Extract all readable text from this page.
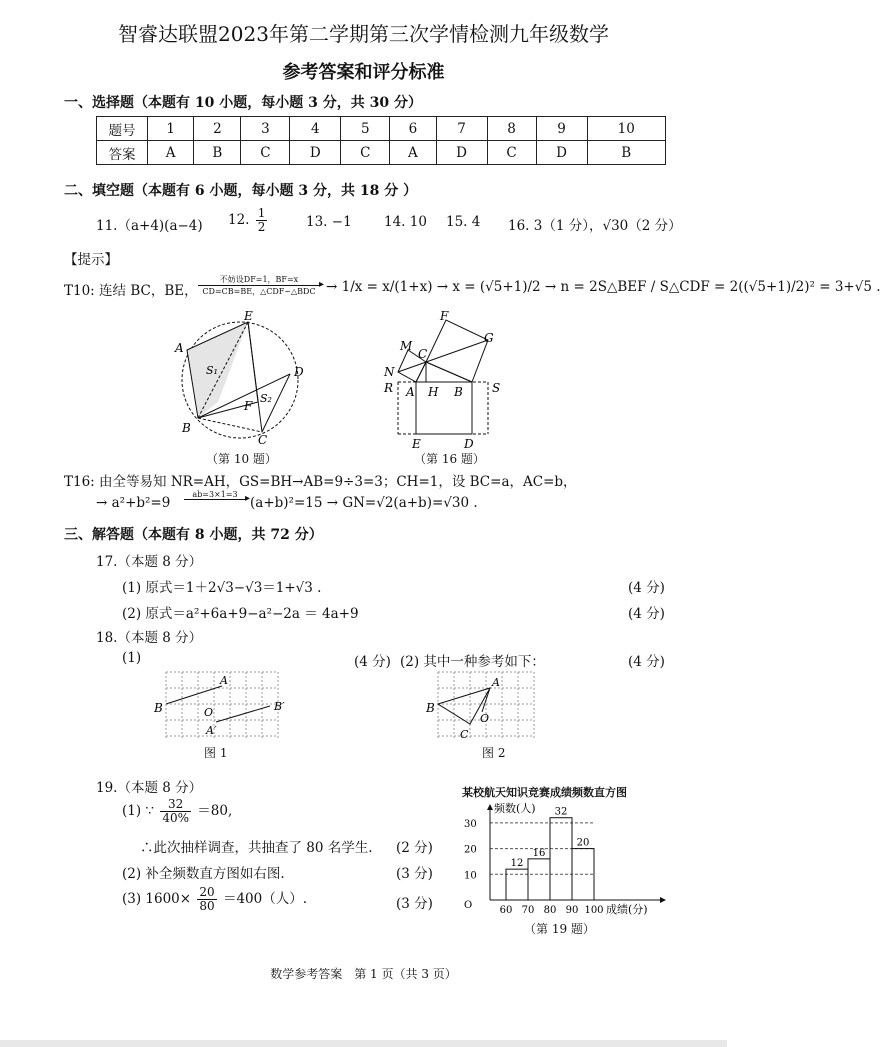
智睿达联盟2023年第二学期第三次学情检测九年级数学
参考答案和评分标准
一、选择题（本题有 10 小题，每小题 3 分，共 30 分）
题号	1	2	3	4	5	6	7	8	9	10
答案	A	B	C	D	C	A	D	C	D	B
二、填空题（本题有 6 小题，每小题 3 分，共 18 分 ）
11.（a+4)(a−4) 12. $\frac{1}{2}$	13. −1 14. 10 15. 4 16. 3（1 分），√30（2 分）
【提示】
T10: 连结 BC，BE，
不妨设DF=1，BF=x	▸
CD=CB=BE，△CDF∽△BDC → 1/x = x/(1+x) → x = (√5+1)/2 → n = 2S△BEF / S△CDF = 2((√5+1)/2)² = 3+√5 .
A
E
D
B
C
F
S₁
S₂
（第 10 题）
F
G
M
C
N
R A H B S
E	D
（第 16 题）
T16: 由全等易知 NR=AH，GS=BH→AB=9÷3=3；CH=1，设 BC=a，AC=b，
→ a²+b²=9
ab=3×1=3 ▸ (a+b)²=15 → GN=√2(a+b)=√30 .
三、解答题（本题有 8 小题，共 72 分）
17.（本题 8 分）
(1) 原式＝1＋2√3−√3＝1+√3 .	(4 分)
(2) 原式＝a²+6a+9−a²−2a ＝ 4a+9	(4 分)
18.（本题 8 分）
(1)	(4 分) (2) 其中一种参考如下：	(4 分)
B
A
O
A′
B′
图 1
B
A
O
C
图 2
19.（本题 8 分）
(1) ∵ $\frac{32}{40\%} =80$,
∴此次抽样调查，共抽查了 80 名学生. (2 分)
(2) 补全频数直方图如右图.	(3 分)
(3) $1600\times \frac{20}{80} =400$（人）.	(3 分)
某校航天知识竞赛成绩频数直方图
O
频数(人)
成绩(分)
10
20
30
12
16
32
20
60 70 80 90 100
（第 19 题）
数学参考答案　第 1 页（共 3 页）
